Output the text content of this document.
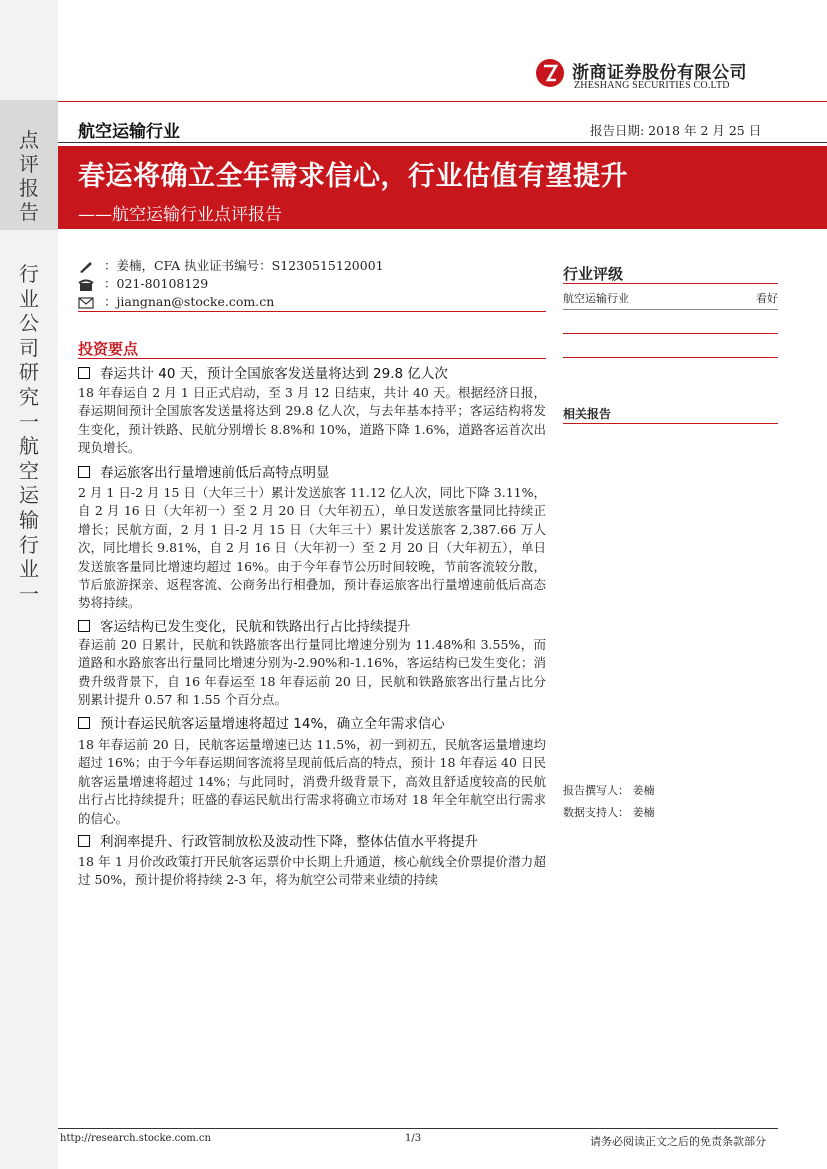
点
评
报
告
行
业
公
司
研
究
一
航
空
运
输
行
业
一
浙商证券股份有限公司
ZHESHANG SECURITIES CO.LTD
航空运输行业	报告日期: 2018 年 2 月 25 日
春运将确立全年需求信心，行业估值有望提升
——航空运输行业点评报告
：姜楠，CFA 执业证书编号：S1230515120001
：021-80108129
：jiangnan@stocke.com.cn
投资要点
春运共计 40 天，预计全国旅客发送量将达到 29.8 亿人次
18 年春运自 2 月 1 日正式启动，至 3 月 12 日结束，共计 40 天。根据经济日报，春运期间预计全国旅客发送量将达到 29.8 亿人次，与去年基本持平；客运结构将发生变化，预计铁路、民航分别增长 8.8%和 10%，道路下降 1.6%，道路客运首次出现负增长。
春运旅客出行量增速前低后高特点明显
2 月 1 日-2 月 15 日（大年三十）累计发送旅客 11.12 亿人次，同比下降 3.11%，自 2 月 16 日（大年初一）至 2 月 20 日（大年初五），单日发送旅客量同比持续正增长；民航方面，2 月 1 日-2 月 15 日（大年三十）累计发送旅客 2,387.66 万人次，同比增长 9.81%，自 2 月 16 日（大年初一）至 2 月 20 日（大年初五），单日发送旅客量同比增速均超过 16%。由于今年春节公历时间较晚，节前客流较分散，节后旅游探亲、返程客流、公商务出行相叠加，预计春运旅客出行量增速前低后高态势将持续。
客运结构已发生变化，民航和铁路出行占比持续提升
春运前 20 日累计，民航和铁路旅客出行量同比增速分别为 11.48%和 3.55%，而道路和水路旅客出行量同比增速分别为-2.90%和-1.16%，客运结构已发生变化；消费升级背景下，自 16 年春运至 18 年春运前 20 日，民航和铁路旅客出行量占比分别累计提升 0.57 和 1.55 个百分点。
预计春运民航客运量增速将超过 14%，确立全年需求信心
18 年春运前 20 日，民航客运量增速已达 11.5%，初一到初五，民航客运量增速均超过 16%；由于今年春运期间客流将呈现前低后高的特点，预计 18 年春运 40 日民航客运量增速将超过 14%；与此同时，消费升级背景下，高效且舒适度较高的民航出行占比持续提升；旺盛的春运民航出行需求将确立市场对 18 年全年航空出行需求的信心。
利润率提升、行政管制放松及波动性下降，整体估值水平将提升
18 年 1 月价改政策打开民航客运票价中长期上升通道，核心航线全价票提价潜力超过 50%，预计提价将持续 2-3 年，将为航空公司带来业绩的持续
行业评级
航空运输行业	看好
相关报告
报告撰写人： 姜楠
数据支持人： 姜楠
http://research.stocke.com.cn	1/3	请务必阅读正文之后的免责条款部分
